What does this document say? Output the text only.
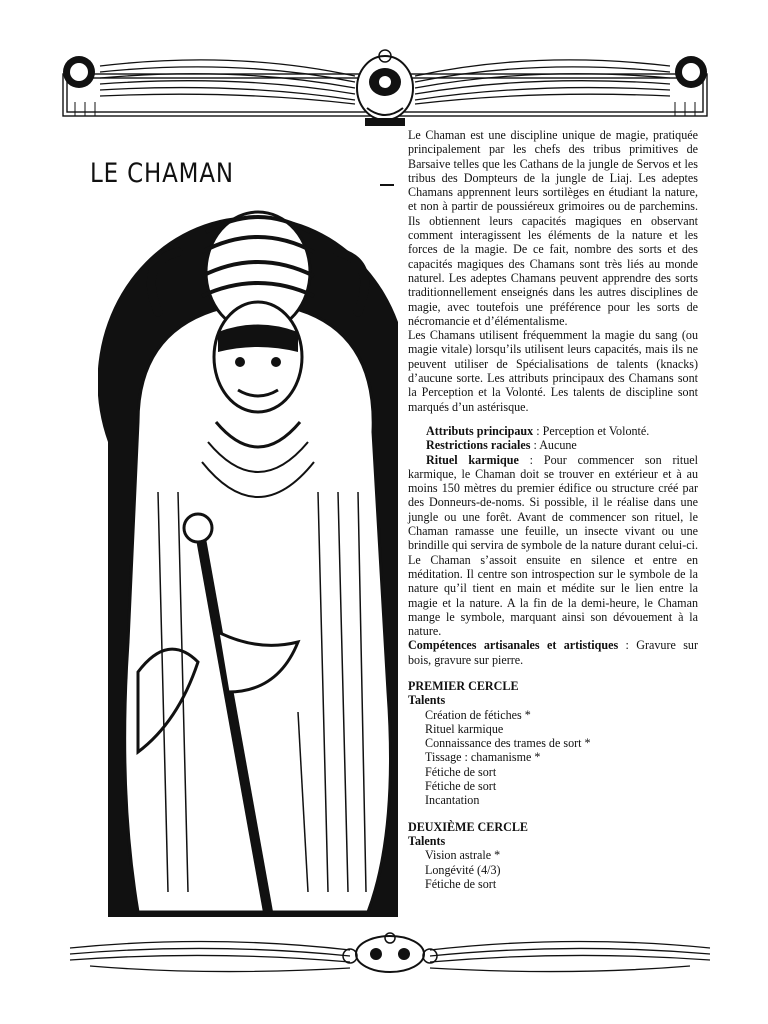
LE CHAMAN

Le Chaman est une discipline unique de magie, pratiquée principalement par les chefs des tribus primitives de Barsaive telles que les Cathans de la jungle de Servos et les tribus des Dompteurs de la jungle de Liaj. Les adeptes Chamans apprennent leurs sortilèges en étudiant la nature, et non à partir de poussiéreux grimoires ou de parchemins. Ils obtiennent leurs capacités magiques en observant comment interagissent les éléments de la nature et les forces de la magie. De ce fait, nombre des sorts et des capacités magiques des Chamans sont très liés au monde naturel. Les adeptes Chamans peuvent apprendre des sorts traditionnellement enseignés dans les autres disciplines de magie, avec toutefois une préférence pour les sorts de nécromancie et d’élémentalisme.

Les Chamans utilisent fréquemment la magie du sang (ou magie vitale) lorsqu’ils utilisent leurs capacités, mais ils ne peuvent utiliser de Spécialisations de talents (knacks) d’aucune sorte. Les attributs principaux des Chamans sont la Perception et la Volonté. Les talents de discipline sont marqués d’un astérisque.

Attributs principaux : Perception et Volonté.

Restrictions raciales : Aucune

Rituel karmique : Pour commencer son rituel karmique, le Chaman doit se trouver en extérieur et à au moins 150 mètres du premier édifice ou structure créé par des Donneurs-de-noms. Si possible, il le réalise dans une jungle ou une forêt. Avant de commencer son rituel, le Chaman ramasse une feuille, un insecte vivant ou une brindille qui servira de symbole de la nature durant celui-ci. Le Chaman s’assoit ensuite en silence et entre en méditation. Il centre son introspection sur le symbole de la nature qu’il tient en main et médite sur le lien entre la magie et la nature. A la fin de la demi-heure, le Chaman mange le symbole, marquant ainsi son dévouement à la nature.

Compétences artisanales et artistiques : Gravure sur bois, gravure sur pierre.

PREMIER CERCLE
Talents
Création de fétiches *
Rituel karmique
Connaissance des trames de sort *
Tissage : chamanisme *
Fétiche de sort
Fétiche de sort
Incantation
DEUXIÈME CERCLE
Talents
Vision astrale *
Longévité (4/3)
Fétiche de sort
